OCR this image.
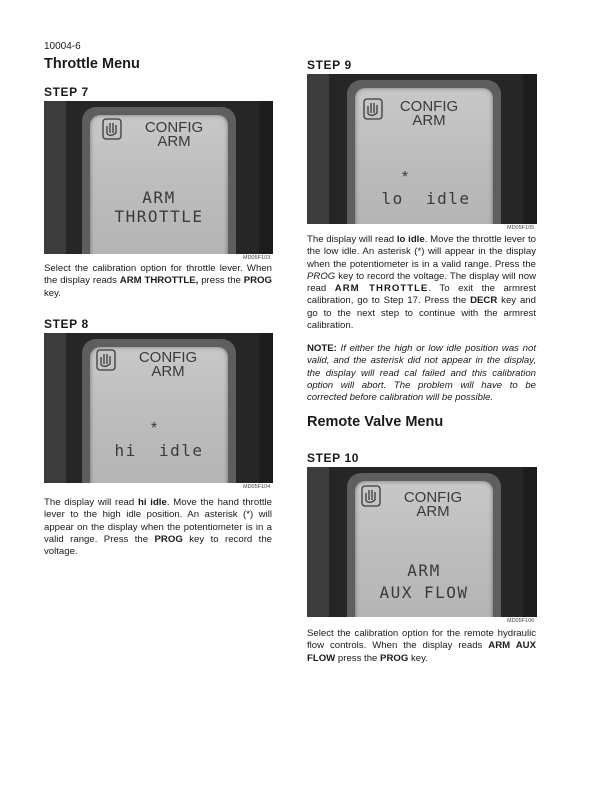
10004-6
Throttle Menu
STEP 7
CONFIG
ARM
ARM
THROTTLE
MD05F103
Select the calibration option for throttle lever. When the display reads ARM THROTTLE, press the PROG key.
STEP 8
CONFIG
ARM
*
hi  idle
MD05F104
The display will read hi idle. Move the hand throttle lever to the high idle position. An asterisk (*) will appear on the display when the potentiometer is in a valid range. Press the PROG key to record the voltage.
STEP 9
CONFIG
ARM
*
lo  idle
MD05F105
The display will read lo idle. Move the throttle lever to the low idle. An asterisk (*) will appear in the display when the potentiometer is in a valid range. Press the PROG key to record the voltage. The display will now read ARM THROTTLE. To exit the armrest calibration, go to Step 17. Press the DECR key and go to the next step to continue with the armrest calibration.
NOTE: If either the high or low idle position was not valid, and the asterisk did not appear in the display, the display will read cal failed and this calibration option will abort. The problem will have to be corrected before calibration will be possible.
Remote Valve Menu
STEP 10
CONFIG
ARM
ARM
AUX FLOW
MD05F106
Select the calibration option for the remote hydraulic flow controls. When the display reads ARM AUX FLOW press the PROG key.
